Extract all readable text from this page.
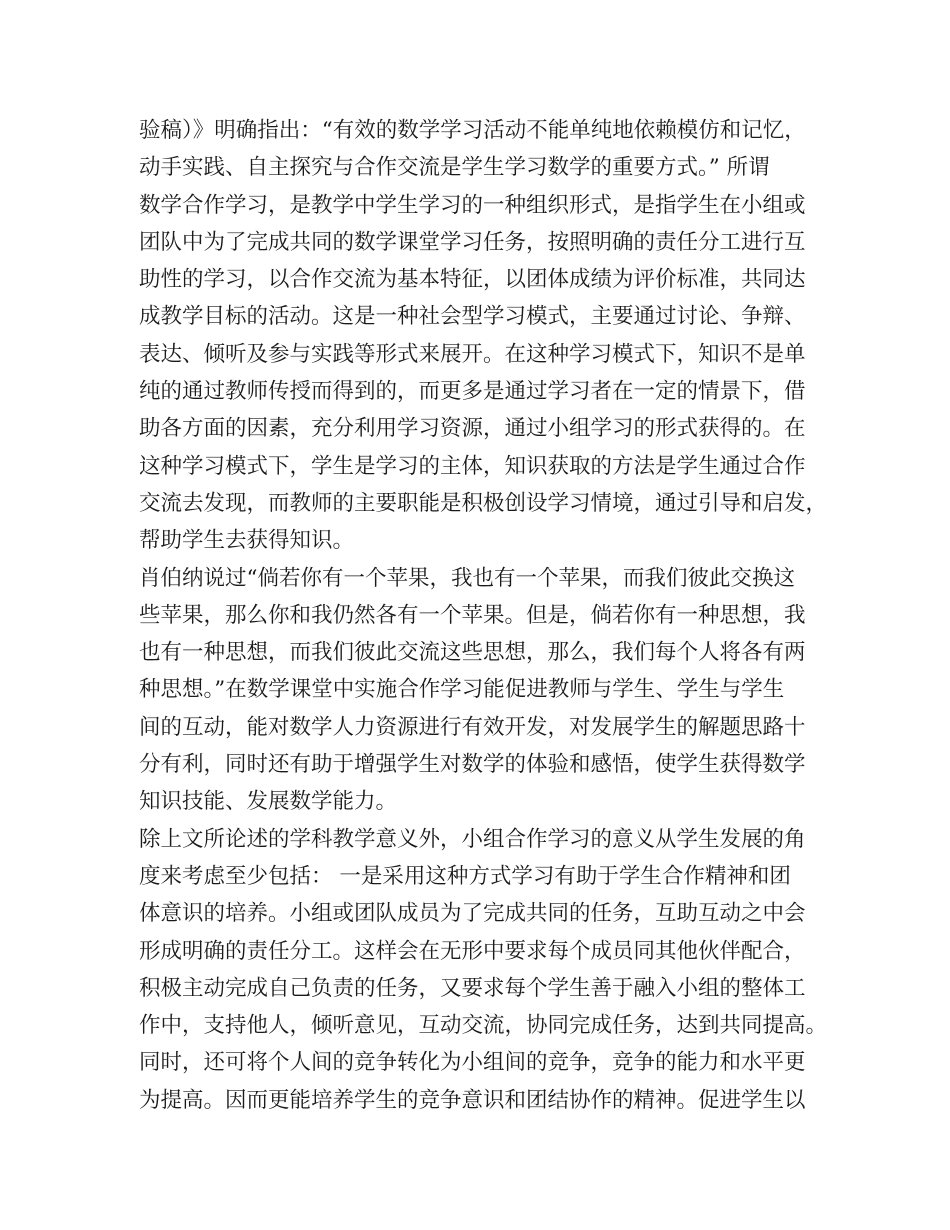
验稿）》明确指出：“有效的数学学习活动不能单纯地依赖模仿和记忆，
动手实践、自主探究与合作交流是学生学习数学的重要方式。” 所谓
数学合作学习，是教学中学生学习的一种组织形式，是指学生在小组或
团队中为了完成共同的数学课堂学习任务，按照明确的责任分工进行互
助性的学习，以合作交流为基本特征，以团体成绩为评价标准，共同达
成教学目标的活动。这是一种社会型学习模式，主要通过讨论、争辩、
表达、倾听及参与实践等形式来展开。在这种学习模式下，知识不是单
纯的通过教师传授而得到的，而更多是通过学习者在一定的情景下，借
助各方面的因素，充分利用学习资源，通过小组学习的形式获得的。在
这种学习模式下，学生是学习的主体，知识获取的方法是学生通过合作
交流去发现，而教师的主要职能是积极创设学习情境，通过引导和启发，
帮助学生去获得知识。
肖伯纳说过“倘若你有一个苹果，我也有一个苹果，而我们彼此交换这
些苹果，那么你和我仍然各有一个苹果。但是，倘若你有一种思想，我
也有一种思想，而我们彼此交流这些思想，那么，我们每个人将各有两
种思想。”在数学课堂中实施合作学习能促进教师与学生、学生与学生
间的互动，能对数学人力资源进行有效开发，对发展学生的解题思路十
分有利，同时还有助于增强学生对数学的体验和感悟，使学生获得数学
知识技能、发展数学能力。
除上文所论述的学科教学意义外，小组合作学习的意义从学生发展的角
度来考虑至少包括： 一是采用这种方式学习有助于学生合作精神和团
体意识的培养。小组或团队成员为了完成共同的任务，互助互动之中会
形成明确的责任分工。这样会在无形中要求每个成员同其他伙伴配合，
积极主动完成自己负责的任务，又要求每个学生善于融入小组的整体工
作中，支持他人，倾听意见，互动交流，协同完成任务，达到共同提高。
同时，还可将个人间的竞争转化为小组间的竞争，竞争的能力和水平更
为提高。因而更能培养学生的竞争意识和团结协作的精神。促进学生以
